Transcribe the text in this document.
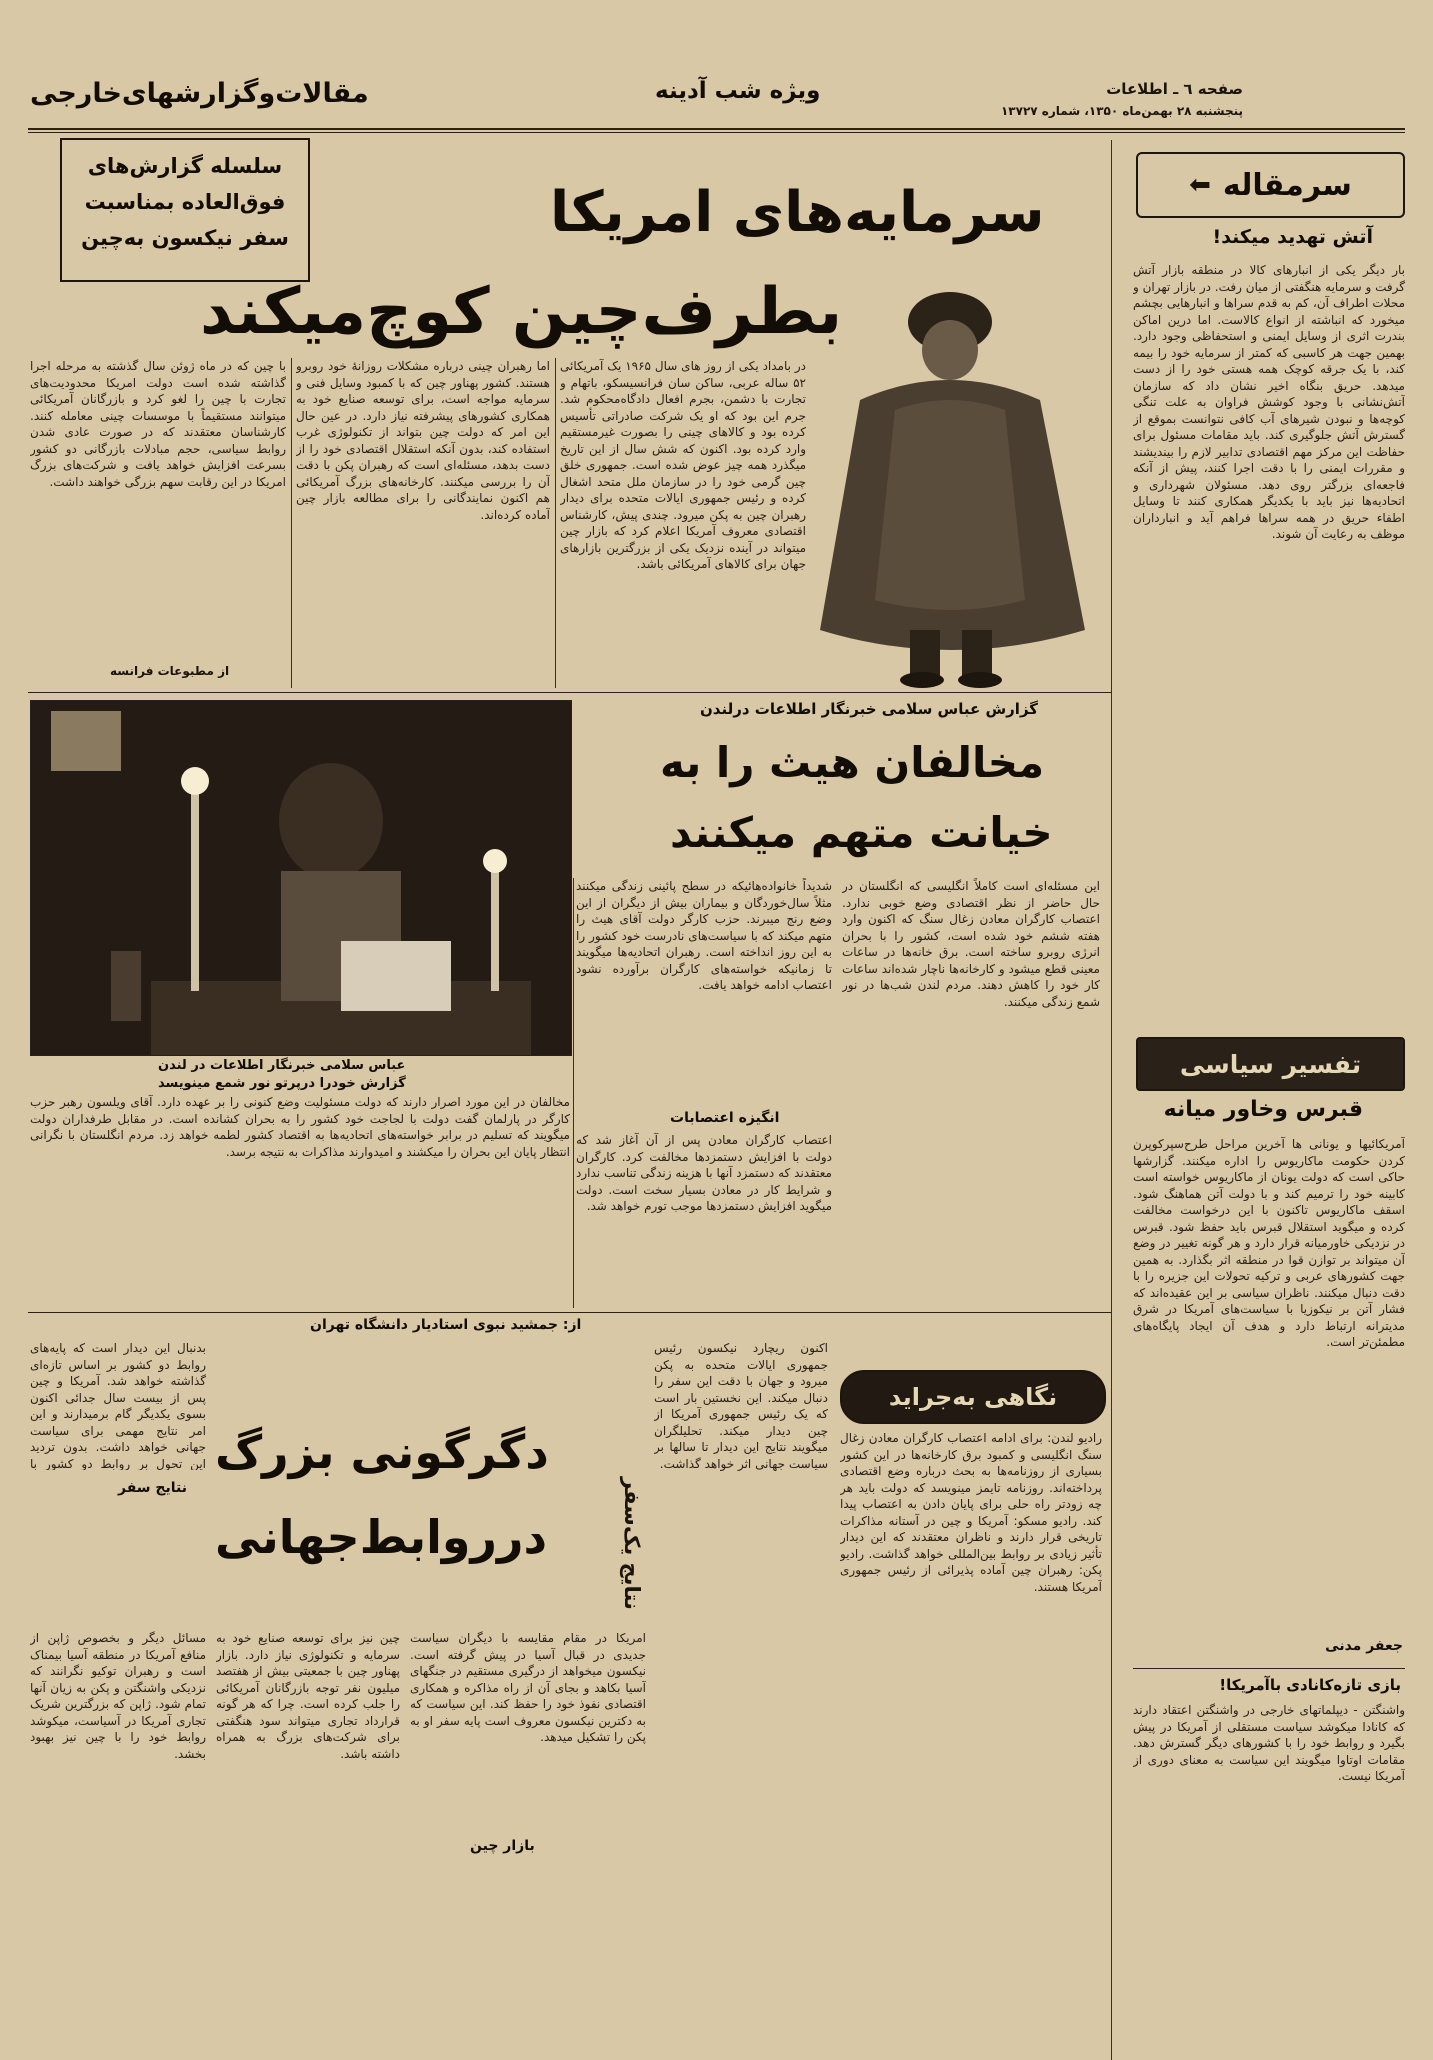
مقالات‌وگزارشهای‌خارجی	ویژه شب آدینه	صفحه ٦ ـ اطلاعات
پنجشنبه ۲۸ بهمن‌ماه ۱۳۵۰، شماره ۱۳۷۲۷
سرمقاله
⬅
آتش تهدید میکند!
بار دیگر یکی از انبارهای کالا در منطقه بازار آتش گرفت و سرمایه هنگفتی از میان رفت. در بازار تهران و محلات اطراف آن، کم به قدم سراها و انبارهایی بچشم میخورد که انباشته از انواع کالاست. اما درین اماکن بندرت اثری از وسایل ایمنی و استحفاظی وجود دارد. بهمین جهت هر کاسبی که کمتر از سرمایه خود را بیمه کند، با یک جرقه کوچک همه هستی خود را از دست میدهد. حریق بنگاه اخیر نشان داد که سازمان آتش‌نشانی با وجود کوشش فراوان به علت تنگی کوچه‌ها و نبودن شیرهای آب کافی نتوانست بموقع از گسترش آتش جلوگیری کند. باید مقامات مسئول برای حفاظت این مرکز مهم اقتصادی تدابیر لازم را بیندیشند و مقررات ایمنی را با دقت اجرا کنند، پیش از آنکه فاجعه‌ای بزرگتر روی دهد. مسئولان شهرداری و اتحادیه‌ها نیز باید با یکدیگر همکاری کنند تا وسایل اطفاء حریق در همه سراها فراهم آید و انبارداران موظف به رعایت آن شوند.
تفسیر سیاسی
قبرس وخاور میانه
آمریکائیها و یونانی ها آخرین مراحل طرح‌سپرکوپرن کردن حکومت ماکاریوس را اداره میکنند. گزارشها حاکی است که دولت یونان از ماکاریوس خواسته است کابینه خود را ترمیم کند و با دولت آتن هماهنگ شود. اسقف ماکاریوس تاکنون با این درخواست مخالفت کرده و میگوید استقلال قبرس باید حفظ شود. قبرس در نزدیکی خاورمیانه قرار دارد و هر گونه تغییر در وضع آن میتواند بر توازن قوا در منطقه اثر بگذارد. به همین جهت کشورهای عربی و ترکیه تحولات این جزیره را با دقت دنبال میکنند. ناظران سیاسی بر این عقیده‌اند که فشار آتن بر نیکوزیا با سیاست‌های آمریکا در شرق مدیترانه ارتباط دارد و هدف آن ایجاد پایگاه‌های مطمئن‌تر است.
جعفر مدنی
سلسله گزارش‌های
فوق‌العاده بمناسبت
سفر نیکسون به‌چین	سرمایه‌های امریکا
بطرف‌چین کوچ‌میکند
در بامداد یکی از روز های سال ۱۹۶۵ یک آمریکائی ۵۲ ساله عربی، ساکن سان فرانسیسکو، باتهام و تجارت با دشمن، بجرم افعال دادگاه‌محکوم شد. جرم این بود که او یک شرکت صادراتی تأسیس کرده بود و کالاهای چینی را بصورت غیرمستقیم وارد کرده بود. اکنون که شش سال از این تاریخ میگذرد همه چیز عوض شده است. جمهوری خلق چین گرمی خود را در سازمان ملل متحد اشغال کرده و رئیس جمهوری ایالات متحده برای دیدار رهبران چین به پکن میرود. چندی پیش، کارشناس اقتصادی معروف آمریکا اعلام کرد که بازار چین میتواند در آینده نزدیک یکی از بزرگترین بازارهای جهان برای کالاهای آمریکائی باشد.
اما رهبران چینی درباره مشکلات روزانهٔ خود روبرو هستند. کشور پهناور چین که با کمبود وسایل فنی و سرمایه مواجه است، برای توسعه صنایع خود به همکاری کشورهای پیشرفته نیاز دارد. در عین حال این امر که دولت چین بتواند از تکنولوژی غرب استفاده کند، بدون آنکه استقلال اقتصادی خود را از دست بدهد، مسئله‌ای است که رهبران پکن با دقت آن را بررسی میکنند. کارخانه‌های بزرگ آمریکائی هم اکنون نمایندگانی را برای مطالعه بازار چین آماده کرده‌اند.
با چین که در ماه ژوئن سال گذشته به مرحله اجرا گذاشته شده است دولت امریکا محدودیت‌های تجارت با چین را لغو کرد و بازرگانان آمریکائی میتوانند مستقیماً با موسسات چینی معامله کنند. کارشناسان معتقدند که در صورت عادی شدن روابط سیاسی، حجم مبادلات بازرگانی دو کشور بسرعت افزایش خواهد یافت و شرکت‌های بزرگ امریکا در این رقابت سهم بزرگی خواهند داشت.
از مطبوعات فرانسه
عباس سلامی خبرنگار اطلاعات در لندن
گزارش خودرا درپرتو نور شمع مینویسد
گزارش عباس سلامی خبرنگار اطلاعات درلندن
مخالفان هیث را به
خیانت متهم میکنند
این مسئله‌ای است کاملاً انگلیسی که انگلستان در حال حاضر از نظر اقتصادی وضع خوبی ندارد. اعتصاب کارگران معادن زغال سنگ که اکنون وارد هفته ششم خود شده است، کشور را با بحران انرژی روبرو ساخته است. برق خانه‌ها در ساعات معینی قطع میشود و کارخانه‌ها ناچار شده‌اند ساعات کار خود را کاهش دهند. مردم لندن شب‌ها در نور شمع زندگی میکنند.
شدیداً خانواده‌هائیکه در سطح پائینی زندگی میکنند مثلاً سال‌خوردگان و بیماران بیش از دیگران از این وضع رنج میبرند. حزب کارگر دولت آقای هیث را متهم میکند که با سیاست‌های نادرست خود کشور را به این روز انداخته است. رهبران اتحادیه‌ها میگویند تا زمانیکه خواسته‌های کارگران برآورده نشود اعتصاب ادامه خواهد یافت.
انگیزه اعتصابات
اعتصاب کارگران معادن پس از آن آغاز شد که دولت با افزایش دستمزدها مخالفت کرد. کارگران معتقدند که دستمزد آنها با هزینه زندگی تناسب ندارد و شرایط کار در معادن بسیار سخت است. دولت میگوید افزایش دستمزدها موجب تورم خواهد شد.
مخالفان در این مورد اصرار دارند که دولت مسئولیت وضع کنونی را بر عهده دارد. آقای ویلسون رهبر حزب کارگر در پارلمان گفت دولت با لجاجت خود کشور را به بحران کشانده است. در مقابل طرفداران دولت میگویند که تسلیم در برابر خواسته‌های اتحادیه‌ها به اقتصاد کشور لطمه خواهد زد. مردم انگلستان با نگرانی انتظار پایان این بحران را میکشند و امیدوارند مذاکرات به نتیجه برسد.
از: جمشید نبوی استادیار دانشگاه تهران
نتایج یک‌سفر
دگرگونی بزرگ
درروابط‌جهانی
بدنبال این دیدار است که پایه‌های روابط دو کشور بر اساس تازه‌ای گذاشته خواهد شد. آمریکا و چین پس از بیست سال جدائی اکنون بسوی یکدیگر گام برمیدارند و این امر نتایج مهمی برای سیاست جهانی خواهد داشت. بدون تردید این تحول بر روابط دو کشور با
نتایج سفر
مسائل دیگر و بخصوص ژاپن از منافع آمریکا در منطقه آسیا بیمناک است و رهبران توکیو نگرانند که نزدیکی واشنگتن و پکن به زیان آنها تمام شود. ژاپن که بزرگترین شریک تجاری آمریکا در آسیاست، میکوشد روابط خود را با چین نیز بهبود بخشد.
چین نیز برای توسعه صنایع خود به سرمایه و تکنولوژی نیاز دارد. بازار پهناور چین با جمعیتی بیش از هفتصد میلیون نفر توجه بازرگانان آمریکائی را جلب کرده است. چرا که هر گونه قرارداد تجاری میتواند سود هنگفتی برای شرکت‌های بزرگ به همراه داشته باشد.
بازار چین
امریکا در مقام مقایسه با دیگران سیاست جدیدی در قبال آسیا در پیش گرفته است. نیکسون میخواهد از درگیری مستقیم در جنگهای آسیا بکاهد و بجای آن از راه مذاکره و همکاری اقتصادی نفوذ خود را حفظ کند. این سیاست که به دکترین نیکسون معروف است پایه سفر او به پکن را تشکیل میدهد.
اکنون ریچارد نیکسون رئیس جمهوری ایالات متحده به پکن میرود و جهان با دقت این سفر را دنبال میکند. این نخستین بار است که یک رئیس جمهوری آمریکا از چین دیدار میکند. تحلیلگران میگویند نتایج این دیدار تا سالها بر سیاست جهانی اثر خواهد گذاشت.
نگاهی به‌جراید
رادیو لندن: برای ادامه اعتصاب کارگران معادن زغال سنگ انگلیسی و کمبود برق کارخانه‌ها در این کشور بسیاری از روزنامه‌ها به بحث درباره وضع اقتصادی پرداخته‌اند. روزنامه تایمز مینویسد که دولت باید هر چه زودتر راه حلی برای پایان دادن به اعتصاب پیدا کند. رادیو مسکو: آمریکا و چین در آستانه مذاکرات تاریخی قرار دارند و ناظران معتقدند که این دیدار تأثیر زیادی بر روابط بین‌المللی خواهد گذاشت. رادیو پکن: رهبران چین آماده پذیرائی از رئیس جمهوری آمریکا هستند.
بازی تازه‌کانادی باآمریکا!
واشنگتن - دیپلماتهای خارجی در واشنگتن اعتقاد دارند که کانادا میکوشد سیاست مستقلی از آمریکا در پیش بگیرد و روابط خود را با کشورهای دیگر گسترش دهد. مقامات اوتاوا میگویند این سیاست به معنای دوری از آمریکا نیست.
